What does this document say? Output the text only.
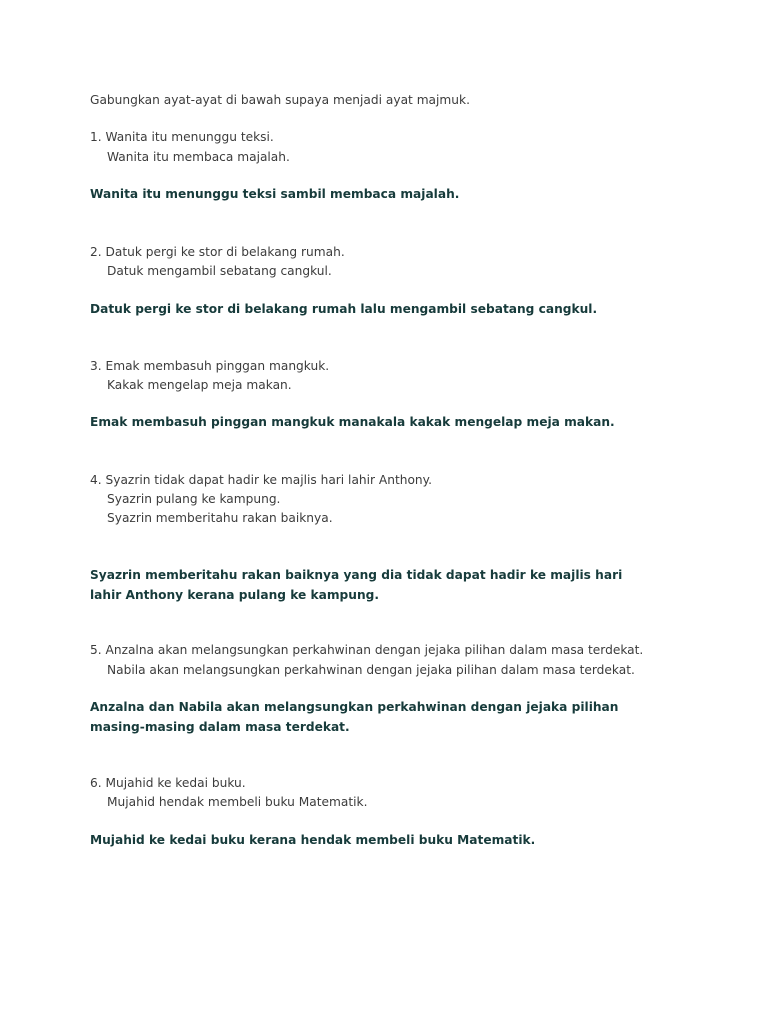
Gabungkan ayat-ayat di bawah supaya menjadi ayat majmuk.
1. Wanita itu menunggu teksi.
Wanita itu membaca majalah.
Wanita itu menunggu teksi sambil membaca majalah.
2. Datuk pergi ke stor di belakang rumah.
Datuk mengambil sebatang cangkul.
Datuk pergi ke stor di belakang rumah lalu mengambil sebatang cangkul.
3. Emak membasuh pinggan mangkuk.
Kakak mengelap meja makan.
Emak membasuh pinggan mangkuk manakala kakak mengelap meja makan.
4. Syazrin tidak dapat hadir ke majlis hari lahir Anthony.
Syazrin pulang ke kampung.
Syazrin memberitahu rakan baiknya.
Syazrin memberitahu rakan baiknya yang dia tidak dapat hadir ke majlis hari lahir Anthony kerana pulang ke kampung.
5. Anzalna akan melangsungkan perkahwinan dengan jejaka pilihan dalam masa terdekat.
Nabila akan melangsungkan perkahwinan dengan jejaka pilihan dalam masa terdekat.
Anzalna dan Nabila akan melangsungkan perkahwinan dengan jejaka pilihan masing-masing dalam masa terdekat.
6. Mujahid ke kedai buku.
Mujahid hendak membeli buku Matematik.
Mujahid ke kedai buku kerana hendak membeli buku Matematik.
